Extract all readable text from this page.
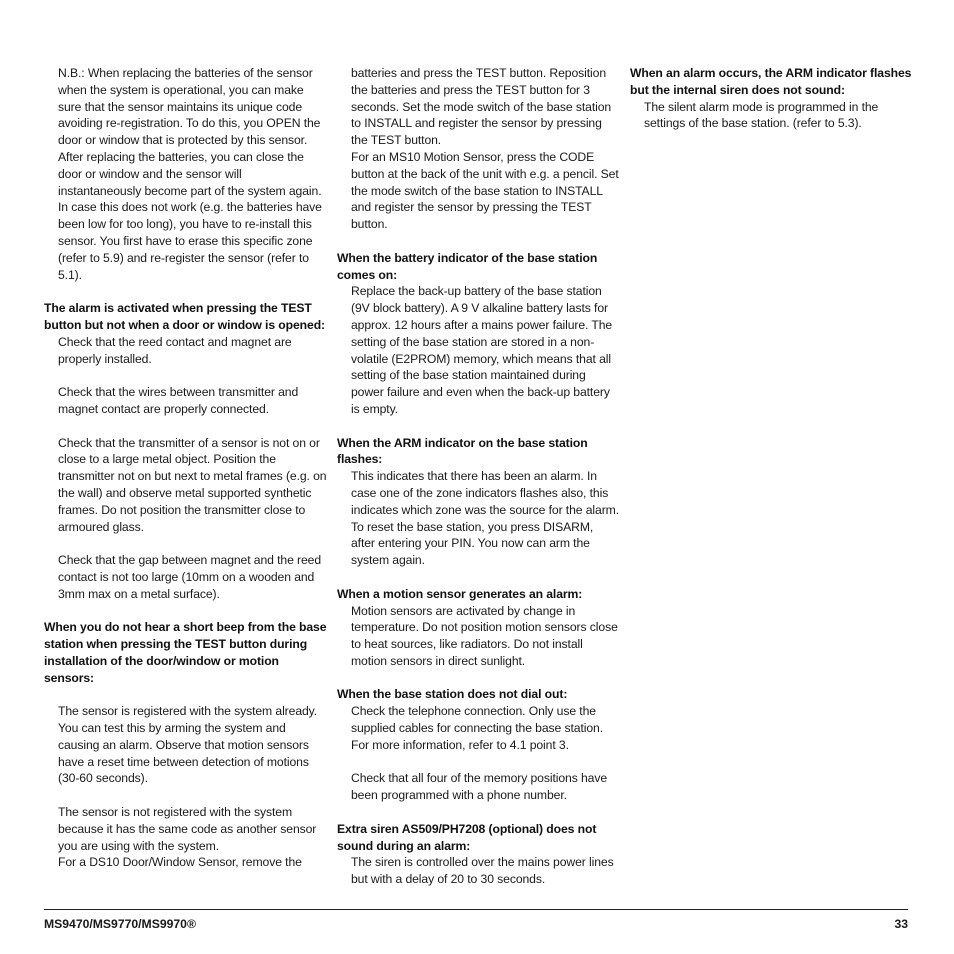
N.B.: When replacing the batteries of the sensor when the system is operational, you can make sure that the sensor maintains its unique code avoiding re-registration. To do this, you OPEN the door or window that is protected by this sensor. After replacing the batteries, you can close the door or window and the sensor will instantaneously become part of the system again. In case this does not work (e.g. the batteries have been low for too long), you have to re-install this sensor. You first have to erase this specific zone (refer to 5.9) and re-register the sensor (refer to 5.1).

The alarm is activated when pressing the TEST button but not when a door or window is opened:

Check that the reed contact and magnet are properly installed.

Check that the wires between transmitter and magnet contact are properly connected.

Check that the transmitter of a sensor is not on or close to a large metal object. Position the transmitter not on but next to metal frames (e.g. on the wall) and observe metal supported synthetic frames. Do not position the transmitter close to armoured glass.

Check that the gap between magnet and the reed contact is not too large (10mm on a wooden and 3mm max on a metal surface).

When you do not hear a short beep from the base station when pressing the TEST button during installation of the door/window or motion sensors:

The sensor is registered with the system already. You can test this by arming the system and causing an alarm. Observe that motion sensors have a reset time between detection of motions (30-60 seconds).

The sensor is not registered with the system because it has the same code as another sensor you are using with the system.
For a DS10 Door/Window Sensor, remove the

batteries and press the TEST button. Reposition the batteries and press the TEST button for 3 seconds. Set the mode switch of the base station to INSTALL and register the sensor by pressing the TEST button.
For an MS10 Motion Sensor, press the CODE button at the back of the unit with e.g. a pencil. Set the mode switch of the base station to INSTALL and register the sensor by pressing the TEST button.

When the battery indicator of the base station comes on:

Replace the back-up battery of the base station (9V block battery). A 9 V alkaline battery lasts for approx. 12 hours after a mains power failure. The setting of the base station are stored in a non-volatile (E2PROM) memory, which means that all setting of the base station maintained during power failure and even when the back-up battery is empty.

When the ARM indicator on the base station flashes:

This indicates that there has been an alarm. In case one of the zone indicators flashes also, this indicates which zone was the source for the alarm. To reset the base station, you press DISARM, after entering your PIN. You now can arm the system again.

When a motion sensor generates an alarm:

Motion sensors are activated by change in temperature. Do not position motion sensors close to heat sources, like radiators. Do not install motion sensors in direct sunlight.

When the base station does not dial out:

Check the telephone connection. Only use the supplied cables for connecting the base station. For more information, refer to 4.1 point 3.

Check that all four of the memory positions have been programmed with a phone number.

Extra siren AS509/PH7208 (optional) does not sound during an alarm:

The siren is controlled over the mains power lines but with a delay of 20 to 30 seconds.

When an alarm occurs, the ARM indicator flashes but the internal siren does not sound:

The silent alarm mode is programmed in the settings of the base station. (refer to 5.3).

MS9470/MS9770/MS9970®	33
